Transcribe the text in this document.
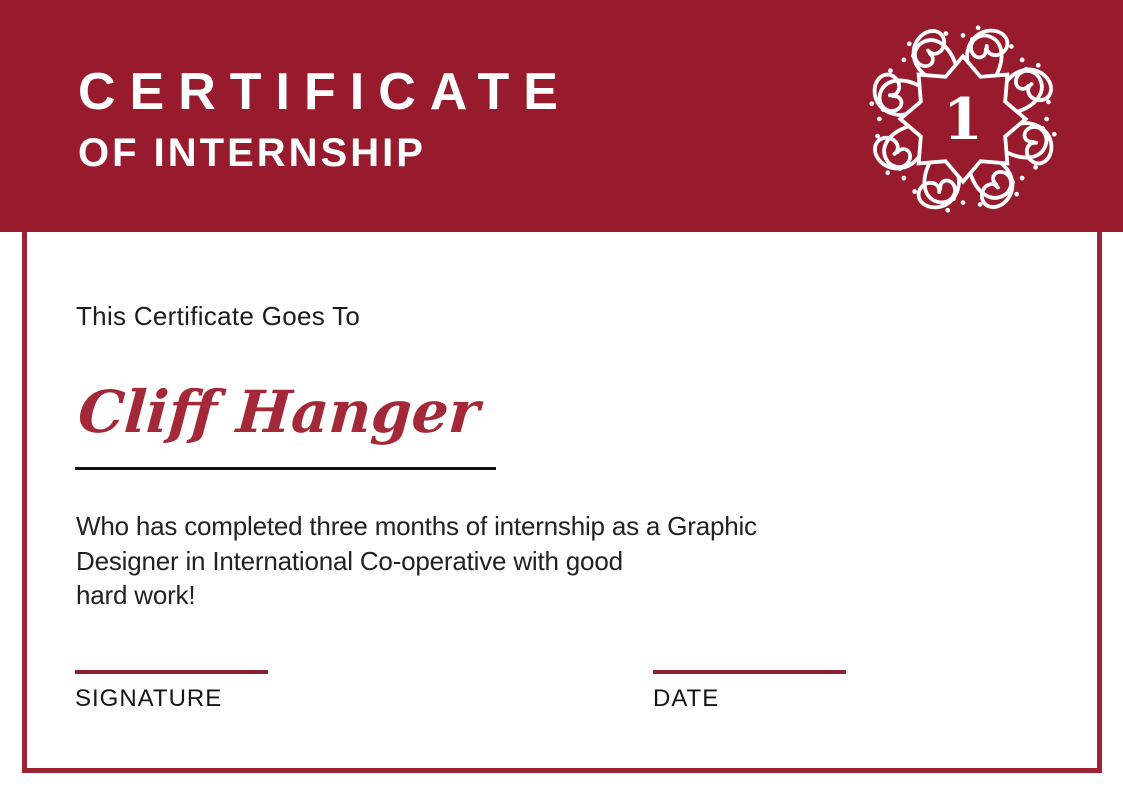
CERTIFICATE
OF INTERNSHIP
1
This Certificate Goes To
Cliff Hanger
Who has completed three months of internship as a Graphic
Designer in International Co-operative with good
hard work!
SIGNATURE	DATE
